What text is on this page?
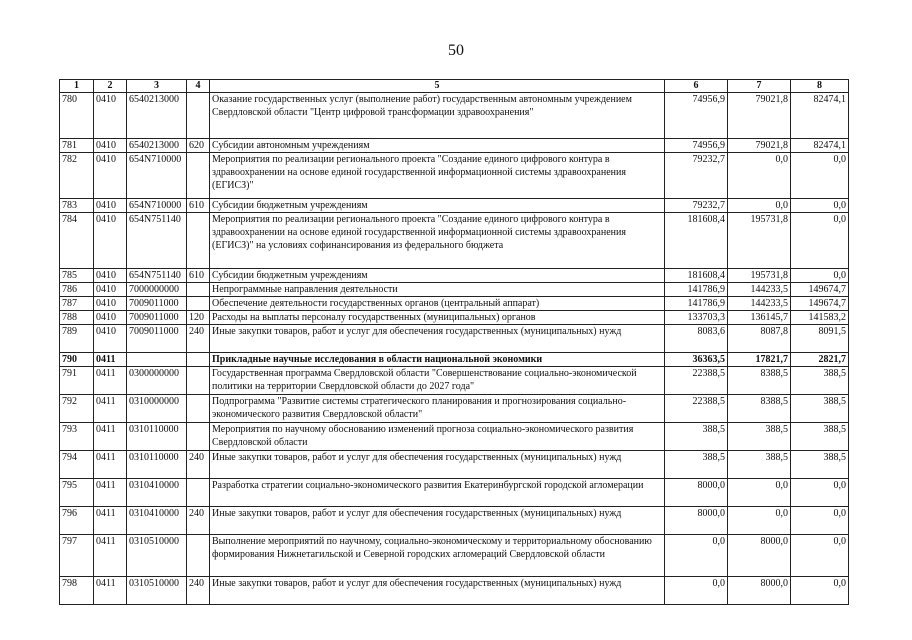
50
1	2	3	4	5	6	7	8
780	0410	6540213000		Оказание государственных услуг (выполнение работ) государственным автономным учреждением Свердловской области "Центр цифровой трансформации здравоохранения"	74956,9	79021,8	82474,1
781	0410	6540213000	620	Субсидии автономным учреждениям	74956,9	79021,8	82474,1
782	0410	654N710000		Мероприятия по реализации регионального проекта "Создание единого цифрового контура в здравоохранении на основе единой государственной информационной системы здравоохранения (ЕГИСЗ)"	79232,7	0,0	0,0
783	0410	654N710000	610	Субсидии бюджетным учреждениям	79232,7	0,0	0,0
784	0410	654N751140		Мероприятия по реализации регионального проекта "Создание единого цифрового контура в здравоохранении на основе единой государственной информационной системы здравоохранения (ЕГИСЗ)" на условиях софинансирования из федерального бюджета	181608,4	195731,8	0,0
785	0410	654N751140	610	Субсидии бюджетным учреждениям	181608,4	195731,8	0,0
786	0410	7000000000		Непрограммные направления деятельности	141786,9	144233,5	149674,7
787	0410	7009011000		Обеспечение деятельности государственных органов (центральный аппарат)	141786,9	144233,5	149674,7
788	0410	7009011000	120	Расходы на выплаты персоналу государственных (муниципальных) органов	133703,3	136145,7	141583,2
789	0410	7009011000	240	Иные закупки товаров, работ и услуг для обеспечения государственных (муниципальных) нужд	8083,6	8087,8	8091,5
790	0411			Прикладные научные исследования в области национальной экономики	36363,5	17821,7	2821,7
791	0411	0300000000		Государственная программа Свердловской области "Совершенствование социально-экономической политики на территории Свердловской области до 2027 года"	22388,5	8388,5	388,5
792	0411	0310000000		Подпрограмма "Развитие системы стратегического планирования и прогнозирования социально-экономического развития Свердловской области"	22388,5	8388,5	388,5
793	0411	0310110000		Мероприятия по научному обоснованию изменений прогноза социально-экономического развития Свердловской области	388,5	388,5	388,5
794	0411	0310110000	240	Иные закупки товаров, работ и услуг для обеспечения государственных (муниципальных) нужд	388,5	388,5	388,5
795	0411	0310410000		Разработка стратегии социально-экономического развития Екатеринбургской городской агломерации	8000,0	0,0	0,0
796	0411	0310410000	240	Иные закупки товаров, работ и услуг для обеспечения государственных (муниципальных) нужд	8000,0	0,0	0,0
797	0411	0310510000		Выполнение мероприятий по научному, социально-экономическому и территориальному обоснованию формирования Нижнетагильской и Северной городских агломераций Свердловской области	0,0	8000,0	0,0
798	0411	0310510000	240	Иные закупки товаров, работ и услуг для обеспечения государственных (муниципальных) нужд	0,0	8000,0	0,0
